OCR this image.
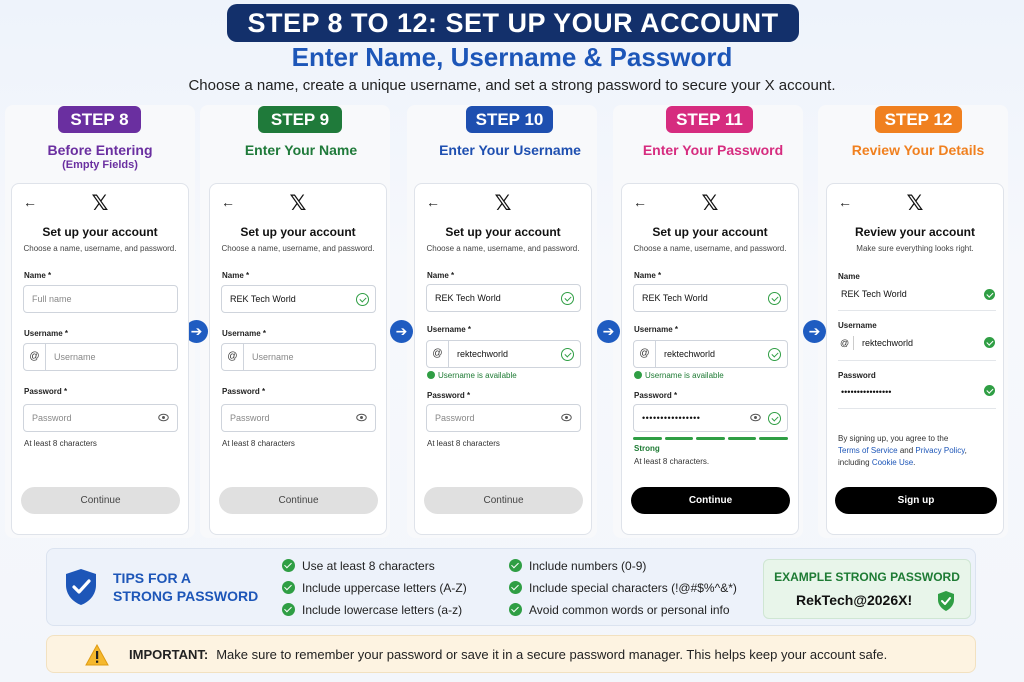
STEP 8 TO 12: SET UP YOUR ACCOUNT
Enter Name, Username & Password
Choose a name, create a unique username, and set a strong password to secure your X account.
STEP 8	STEP 9	STEP 10	STEP 11	STEP 12
Before Entering
(Empty Fields)
Enter Your Name	Enter Your Username	Enter Your Password	Review Your Details
➔	➔	➔	➔
←	𝕏
Set up your account
Choose a name, username, and password.
Name *
Full name
Username *
@	Username
Password *
Password
At least 8 characters
Continue
←	𝕏
Set up your account
Choose a name, username, and password.
Name *
REK Tech World
Username *
@	Username
Password *
Password
At least 8 characters
Continue
←	𝕏
Set up your account
Choose a name, username, and password.
Name *
REK Tech World
Username *
@	rektechworld
Username is available
Password *
Password
At least 8 characters
Continue
←	𝕏
Set up your account
Choose a name, username, and password.
Name *
REK Tech World
Username *
@	rektechworld
Username is available
Password *
••••••••••••••••
Strong
At least 8 characters.
Continue
←	𝕏
Review your account
Make sure everything looks right.
Name
REK Tech World
Username
@ rektechworld
Password
••••••••••••••••
By signing up, you agree to the
Terms of Service and Privacy Policy,
including Cookie Use.
Sign up
TIPS FOR A
STRONG PASSWORD
Use at least 8 characters
Include uppercase letters (A-Z)
Include lowercase letters (a-z)
Include numbers (0-9)
Include special characters (!@#$%^&*)
Avoid common words or personal info
EXAMPLE STRONG PASSWORD
RekTech@2026X!
IMPORTANT: Make sure to remember your password or save it in a secure password manager. This helps keep your account safe.
